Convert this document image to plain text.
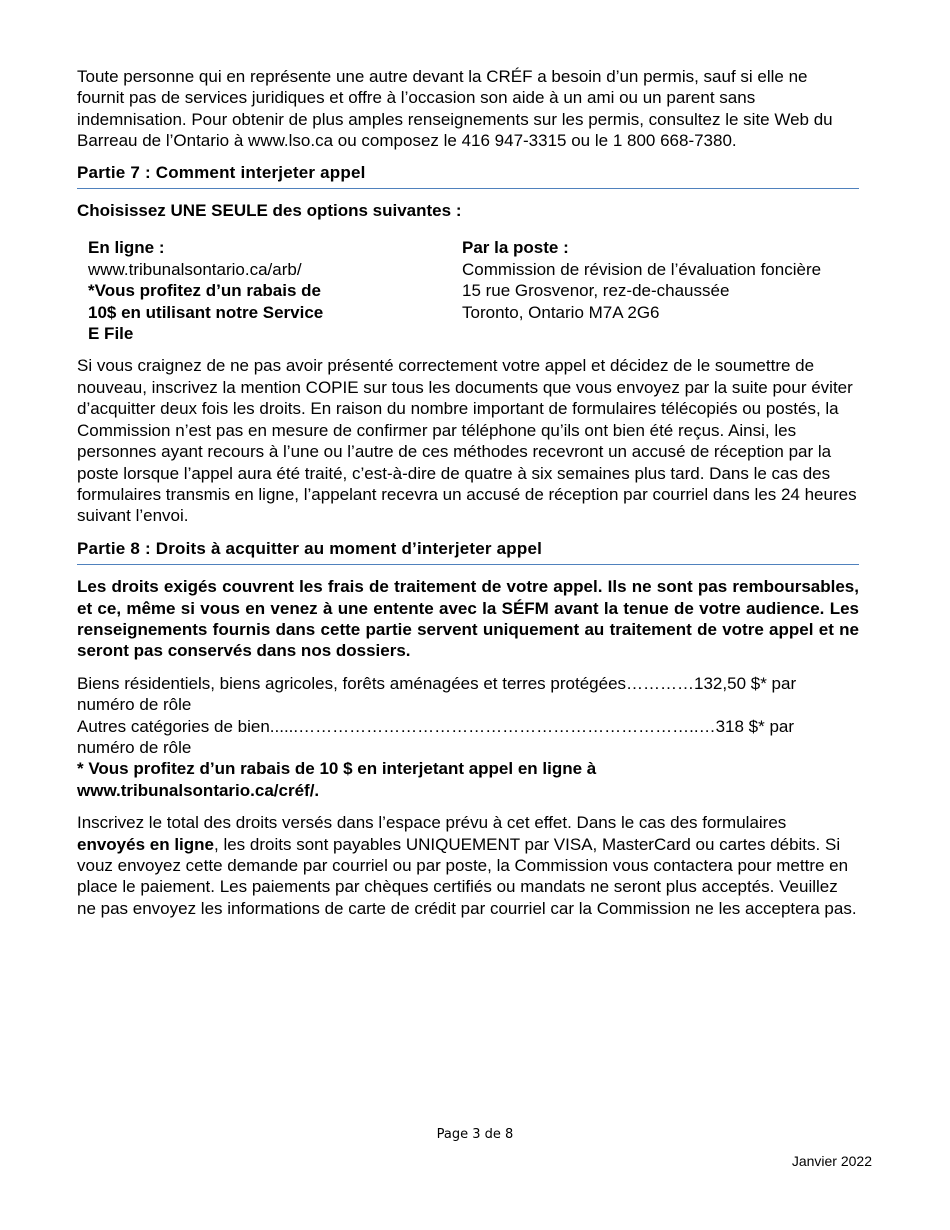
Toute personne qui en représente une autre devant la CRÉF a besoin d’un permis, sauf si elle ne fournit pas de services juridiques et offre à l’occasion son aide à un ami ou un parent sans indemnisation. Pour obtenir de plus amples renseignements sur les permis, consultez le site Web du Barreau de l’Ontario à www.lso.ca ou composez le 416 947-3315 ou le 1 800 668-7380.

Partie 7 : Comment interjeter appel

Choisissez UNE SEULE des options suivantes :

En ligne :
www.tribunalsontario.ca/arb/
*Vous profitez d’un rabais de 10$ en utilisant notre Service E File
Par la poste :
Commission de révision de l’évaluation foncière
15 rue Grosvenor, rez-de-chaussée
Toronto, Ontario M7A 2G6

Si vous craignez de ne pas avoir présenté correctement votre appel et décidez de le soumettre de nouveau, inscrivez la mention COPIE sur tous les documents que vous envoyez par la suite pour éviter d’acquitter deux fois les droits. En raison du nombre important de formulaires télécopiés ou postés, la Commission n’est pas en mesure de confirmer par téléphone qu’ils ont bien été reçus. Ainsi, les personnes ayant recours à l’une ou l’autre de ces méthodes recevront un accusé de réception par la poste lorsque l’appel aura été traité, c’est-à-dire de quatre à six semaines plus tard. Dans le cas des formulaires transmis en ligne, l’appelant recevra un accusé de réception par courriel dans les 24 heures suivant l’envoi.

Partie 8 : Droits à acquitter au moment d’interjeter appel

Les droits exigés couvrent les frais de traitement de votre appel. Ils ne sont pas remboursables, et ce, même si vous en venez à une entente avec la SÉFM avant la tenue de votre audience. Les renseignements fournis dans cette partie servent uniquement au traitement de votre appel et ne seront pas conservés dans nos dossiers.

Biens résidentiels, biens agricoles, forêts aménagées et terres protégées…………132,50 $* par
numéro de rôle
Autres catégories de bien......……………………………………………………………..…318 $* par
numéro de rôle
* Vous profitez d’un rabais de 10 $ en interjetant appel en ligne à
www.tribunalsontario.ca/créf/.

Inscrivez le total des droits versés dans l’espace prévu à cet effet. Dans le cas des formulaires envoyés en ligne, les droits sont payables UNIQUEMENT par VISA, MasterCard ou cartes débits. Si vouz envoyez cette demande par courriel ou par poste, la Commission vous contactera pour mettre en place le paiement. Les paiements par chèques certifiés ou mandats ne seront plus acceptés. Veuillez ne pas envoyez les informations de carte de crédit par courriel car la Commission ne les acceptera pas.

Page 3 de 8
Janvier 2022
